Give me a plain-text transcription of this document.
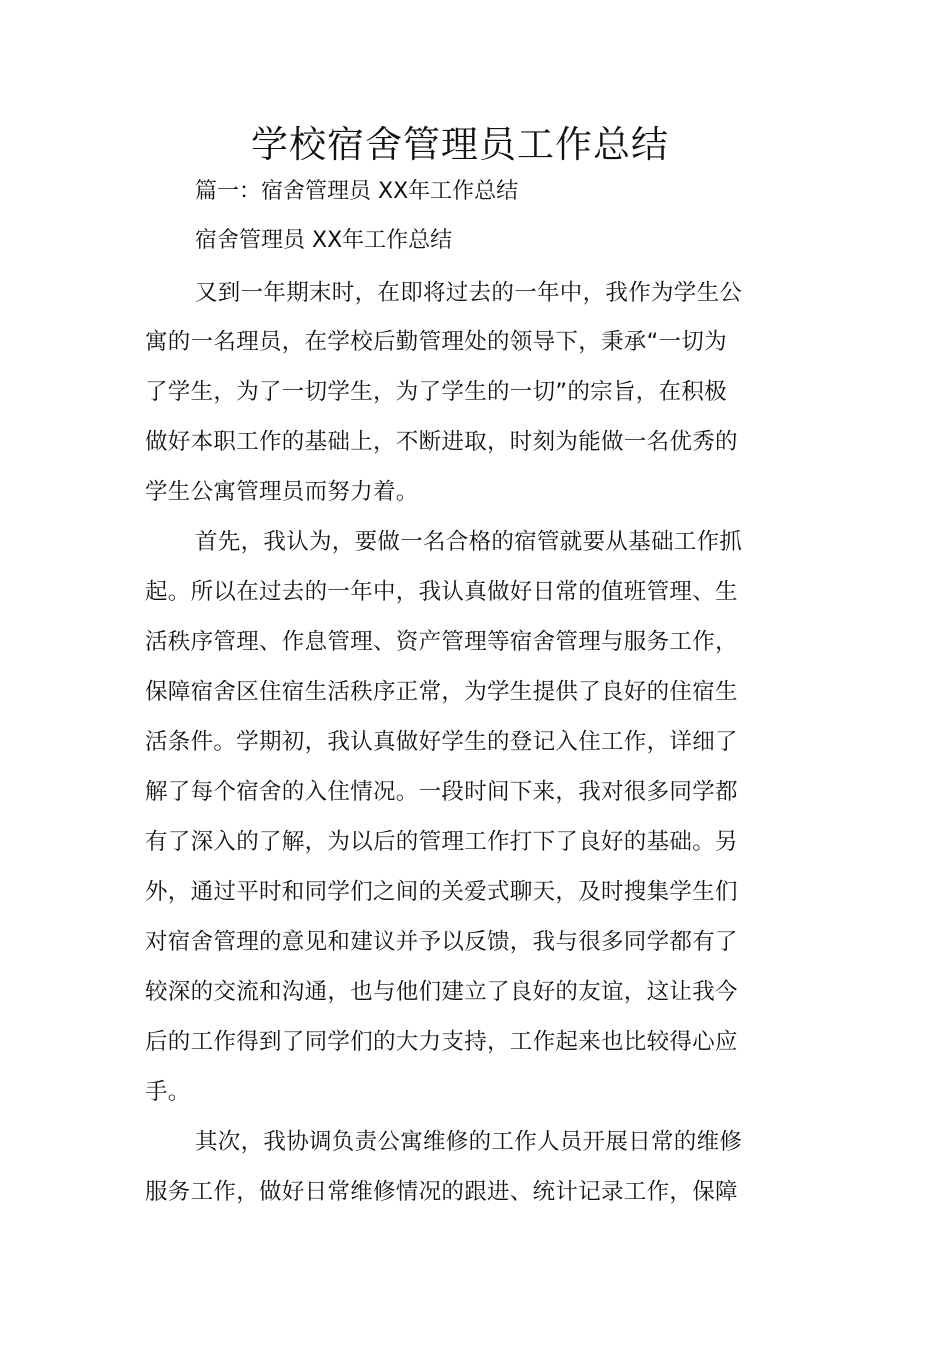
学校宿舍管理员工作总结
篇一：宿舍管理员 XX年工作总结
宿舍管理员 XX年工作总结
又到一年期末时，在即将过去的一年中，我作为学生公
寓的一名理员，在学校后勤管理处的领导下，秉承“一切为
了学生，为了一切学生，为了学生的一切”的宗旨，在积极
做好本职工作的基础上，不断进取，时刻为能做一名优秀的
学生公寓管理员而努力着。
首先，我认为，要做一名合格的宿管就要从基础工作抓
起。所以在过去的一年中，我认真做好日常的值班管理、生
活秩序管理、作息管理、资产管理等宿舍管理与服务工作，
保障宿舍区住宿生活秩序正常，为学生提供了良好的住宿生
活条件。学期初，我认真做好学生的登记入住工作，详细了
解了每个宿舍的入住情况。一段时间下来，我对很多同学都
有了深入的了解，为以后的管理工作打下了良好的基础。另
外，通过平时和同学们之间的关爱式聊天，及时搜集学生们
对宿舍管理的意见和建议并予以反馈，我与很多同学都有了
较深的交流和沟通，也与他们建立了良好的友谊，这让我今
后的工作得到了同学们的大力支持，工作起来也比较得心应
手。
其次，我协调负责公寓维修的工作人员开展日常的维修
服务工作，做好日常维修情况的跟进、统计记录工作，保障
